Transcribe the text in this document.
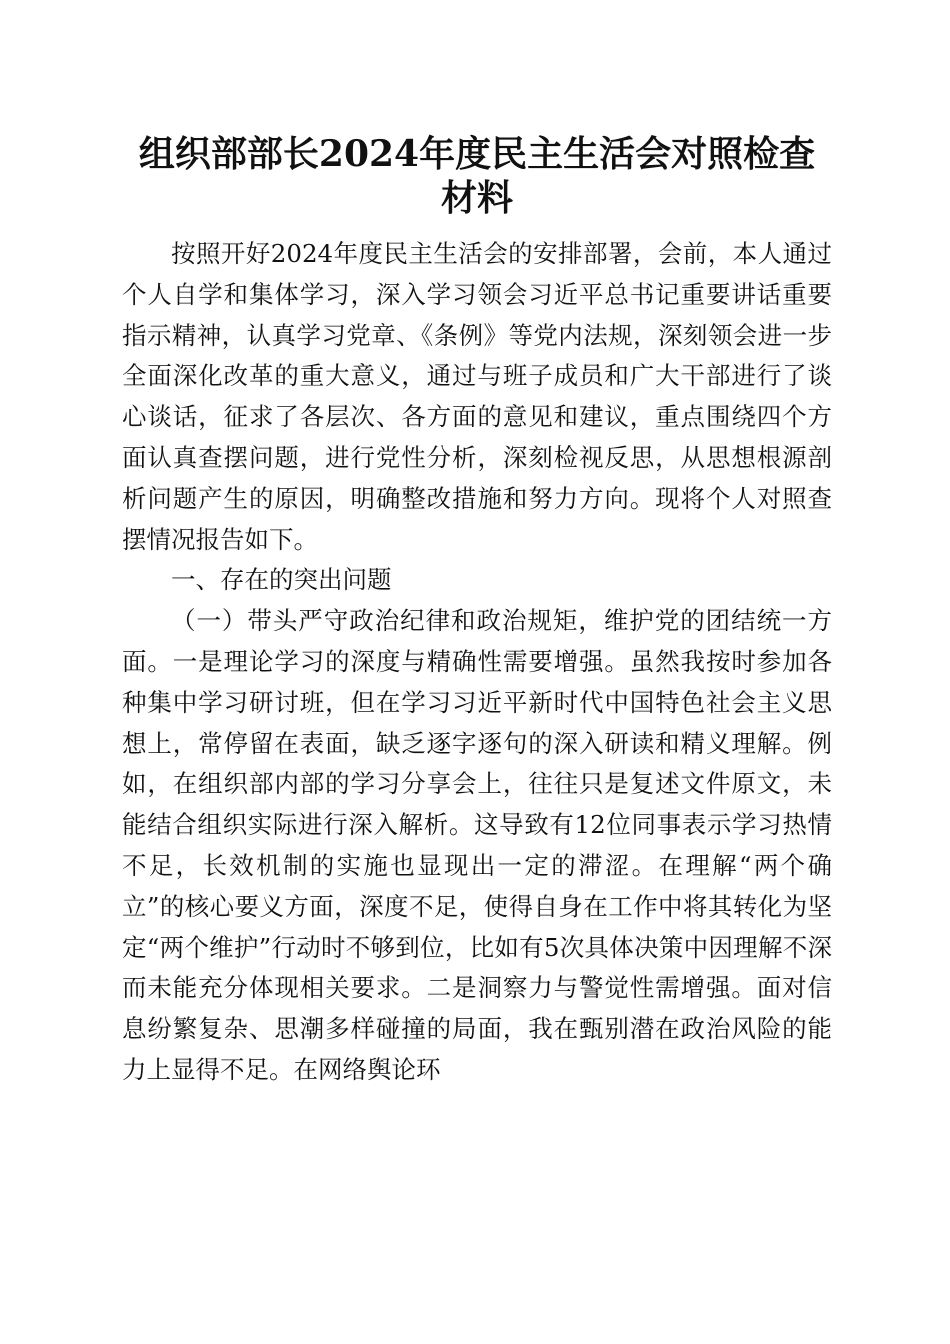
组织部部长2024年度民主生活会对照检查材料

按照开好2024年度民主生活会的安排部署，会前，本人通过个人自学和集体学习，深入学习领会习近平总书记重要讲话重要指示精神，认真学习党章、《条例》等党内法规，深刻领会进一步全面深化改革的重大意义，通过与班子成员和广大干部进行了谈心谈话，征求了各层次、各方面的意见和建议，重点围绕四个方面认真查摆问题，进行党性分析，深刻检视反思，从思想根源剖析问题产生的原因，明确整改措施和努力方向。现将个人对照查摆情况报告如下。

一、存在的突出问题

（一）带头严守政治纪律和政治规矩，维护党的团结统一方面。一是理论学习的深度与精确性需要增强。虽然我按时参加各种集中学习研讨班，但在学习习近平新时代中国特色社会主义思想上，常停留在表面，缺乏逐字逐句的深入研读和精义理解。例如，在组织部内部的学习分享会上，往往只是复述文件原文，未能结合组织实际进行深入解析。这导致有12位同事表示学习热情不足，长效机制的实施也显现出一定的滞涩。在理解“两个确立”的核心要义方面，深度不足，使得自身在工作中将其转化为坚定“两个维护”行动时不够到位，比如有5次具体决策中因理解不深而未能充分体现相关要求。二是洞察力与警觉性需增强。面对信息纷繁复杂、思潮多样碰撞的局面，我在甄别潜在政治风险的能力上显得不足。在网络舆论环
